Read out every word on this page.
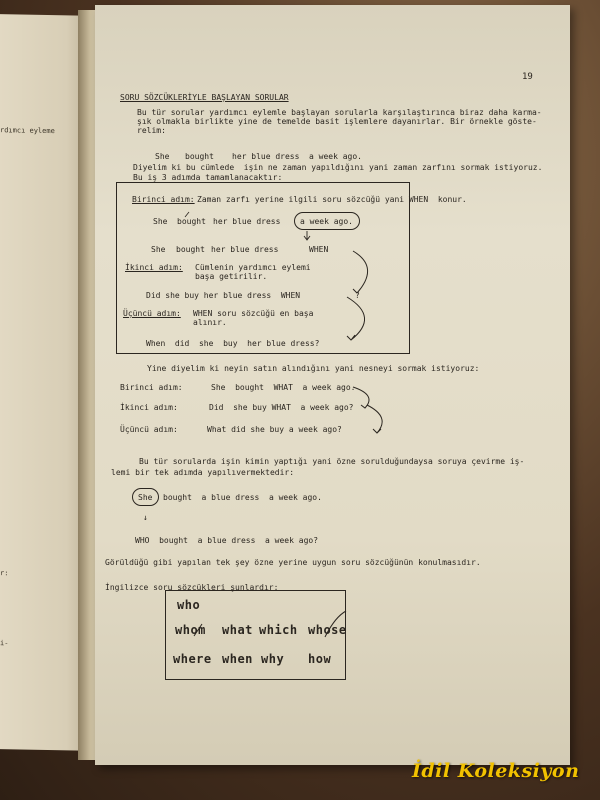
rdımcı eyleme
r:
i-
19
SORU SÖZCÜKLERİYLE BAŞLAYAN SORULAR
Bu tür sorular yardımcı eylemle başlayan sorularla karşılaştırınca biraz daha karma-
şık olmakla birlikte yine de temelde basit işlemlere dayanırlar. Bir örnekle göste-
relim:
She bought her blue dress a week ago.
Diyelim ki bu cümlede  işin ne zaman yapıldığını yani zaman zarfını sormak istiyoruz.
Bu iş 3 adımda tamamlanacaktır:
Birinci adım: Zaman zarfı yerine ilgili soru sözcüğü yani WHEN  konur.
She bought her blue dress a week ago.
She bought her blue dress	WHEN
İkinci adım: Cümlenin yardımcı eylemi
başa getirilir.
Did she buy her blue dress  WHEN	?
Üçüncü adım: WHEN soru sözcüğü en başa
alınır.
When  did  she  buy  her blue dress?
Yine diyelim ki neyin satın alındığını yani nesneyi sormak istiyoruz:
Birinci adım:	She  bought  WHAT  a week ago.
İkinci adım:	Did  she buy WHAT  a week ago?
Üçüncü adım:	What did she buy a week ago?
Bu tür sorularda işin kimin yaptığı yani özne sorulduğundaysa soruya çevirme iş-
lemi bir tek adımda yapılıvermektedir:
She bought  a blue dress  a week ago.
↓
WHO  bought  a blue dress  a week ago?
Görüldüğü gibi yapılan tek şey özne yerine uygun soru sözcüğünün konulmasıdır.
İngilizce soru sözcükleri şunlardır:
who
whom what which whose
where when why how
İdil Koleksiyon
